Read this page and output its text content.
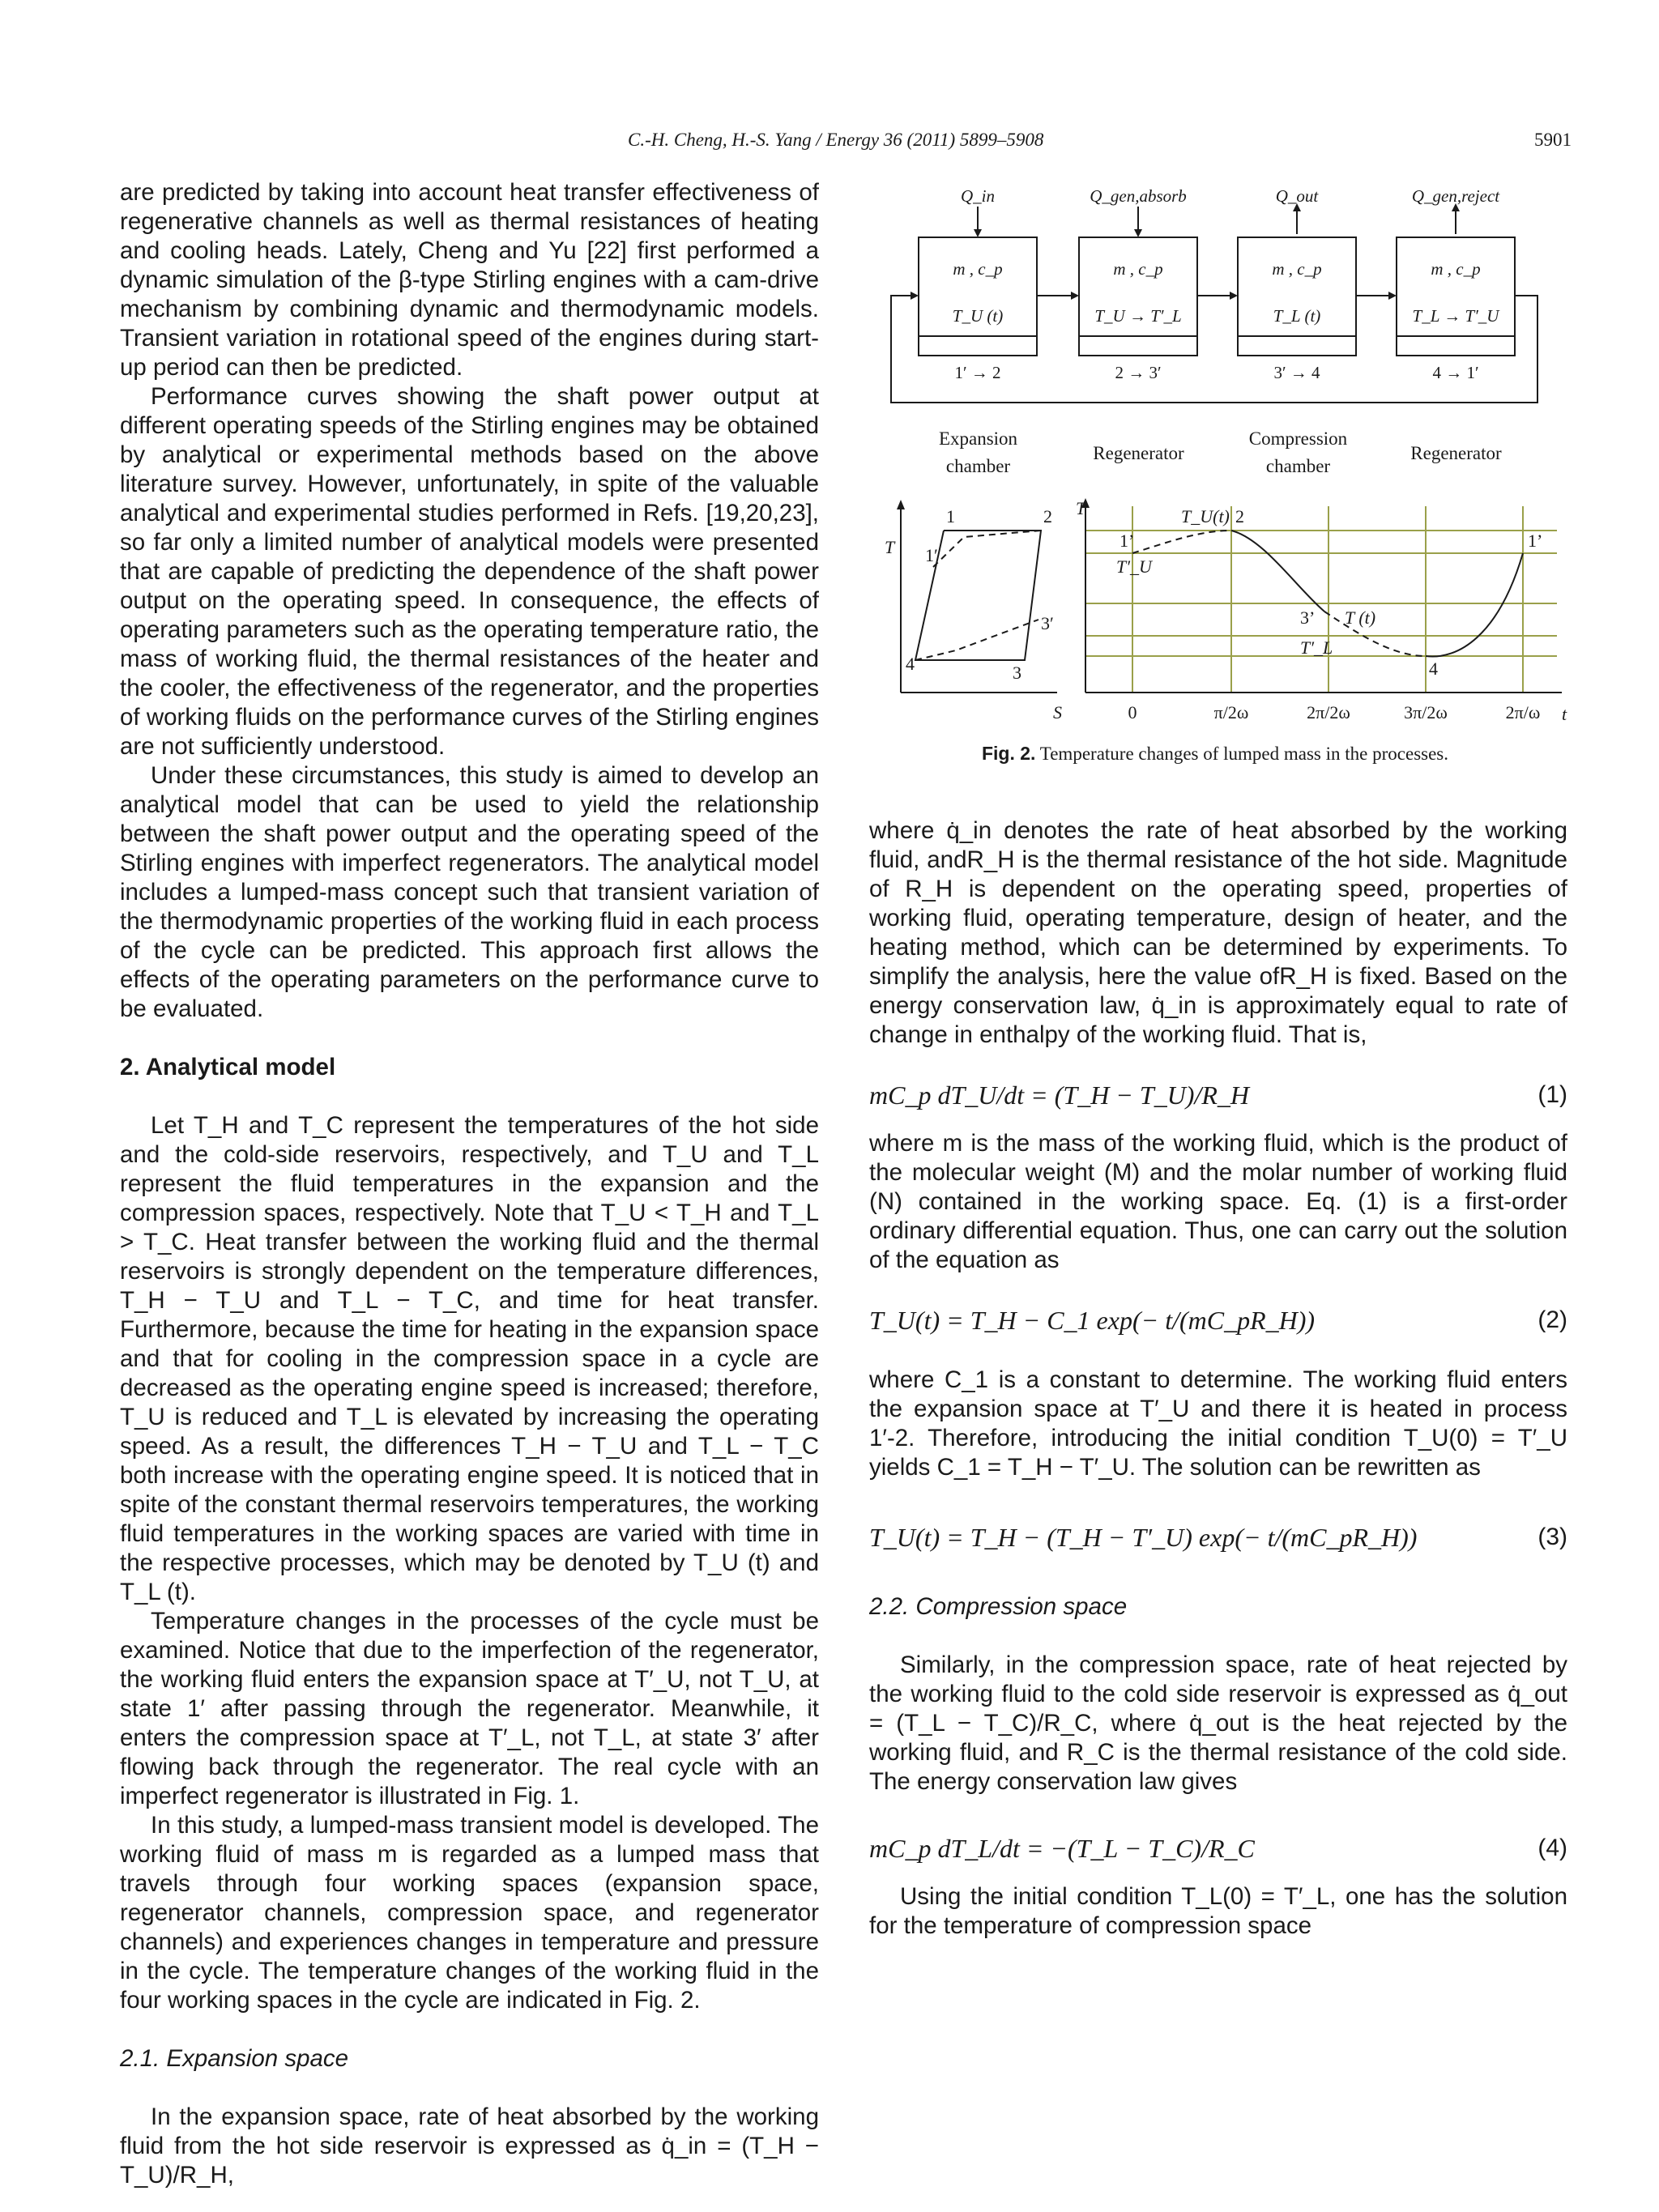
C.-H. Cheng, H.-S. Yang / Energy 36 (2011) 5899–5908	5901

are predicted by taking into account heat transfer effectiveness of regenerative channels as well as thermal resistances of heating and cooling heads. Lately, Cheng and Yu [22] first performed a dynamic simulation of the β-type Stirling engines with a cam-drive mechanism by combining dynamic and thermodynamic models. Transient variation in rotational speed of the engines during start-up period can then be predicted.

Performance curves showing the shaft power output at different operating speeds of the Stirling engines may be obtained by analytical or experimental methods based on the above literature survey. However, unfortunately, in spite of the valuable analytical and experimental studies performed in Refs. [19,20,23], so far only a limited number of analytical models were presented that are capable of predicting the dependence of the shaft power output on the operating speed. In consequence, the effects of operating parameters such as the operating temperature ratio, the mass of working fluid, the thermal resistances of the heater and the cooler, the effectiveness of the regenerator, and the properties of working fluids on the performance curves of the Stirling engines are not sufficiently understood.

Under these circumstances, this study is aimed to develop an analytical model that can be used to yield the relationship between the shaft power output and the operating speed of the Stirling engines with imperfect regenerators. The analytical model includes a lumped-mass concept such that transient variation of the thermodynamic properties of the working fluid in each process of the cycle can be predicted. This approach first allows the effects of the operating parameters on the performance curve to be evaluated.

2. Analytical model

Let T_H and T_C represent the temperatures of the hot side and the cold-side reservoirs, respectively, and T_U and T_L represent the fluid temperatures in the expansion and the compression spaces, respectively. Note that T_U < T_H and T_L > T_C. Heat transfer between the working fluid and the thermal reservoirs is strongly dependent on the temperature differences, T_H − T_U and T_L − T_C, and time for heat transfer. Furthermore, because the time for heating in the expansion space and that for cooling in the compression space in a cycle are decreased as the operating engine speed is increased; therefore, T_U is reduced and T_L is elevated by increasing the operating speed. As a result, the differences T_H − T_U and T_L − T_C both increase with the operating engine speed. It is noticed that in spite of the constant thermal reservoirs temperatures, the working fluid temperatures in the working spaces are varied with time in the respective processes, which may be denoted by T_U (t) and T_L (t).

Temperature changes in the processes of the cycle must be examined. Notice that due to the imperfection of the regenerator, the working fluid enters the expansion space at T′_U, not T_U, at state 1′ after passing through the regenerator. Meanwhile, it enters the compression space at T′_L, not T_L, at state 3′ after flowing back through the regenerator. The real cycle with an imperfect regenerator is illustrated in Fig. 1.

In this study, a lumped-mass transient model is developed. The working fluid of mass m is regarded as a lumped mass that travels through four working spaces (expansion space, regenerator channels, compression space, and regenerator channels) and experiences changes in temperature and pressure in the cycle. The temperature changes of the working fluid in the four working spaces in the cycle are indicated in Fig. 2.

2.1. Expansion space

In the expansion space, rate of heat absorbed by the working fluid from the hot side reservoir is expressed as q̇_in = (T_H − T_U)/R_H,

Q_in	Q_gen,absorb	Q_out	Q_gen,reject
m , c_p	m , c_p	m , c_p	m , c_p
T_U (t)	T_U → T′_L	T_L (t)	T_L → T′_U
1′ → 2	2 → 3′	3′ → 4	4 → 1′
Expansion chamber
Regenerator
Compression chamber
Regenerator
T
S
1	2
1′
3′
4	3
T
t
0	π/2ω	2π/2ω	3π/2ω	2π/ω
T_U(t) 2
1’
T′_U
3’ T (t)
T′_L
4
1’
Fig. 2. Temperature changes of lumped mass in the processes.

where q̇_in denotes the rate of heat absorbed by the working fluid, andR_H is the thermal resistance of the hot side. Magnitude of R_H is dependent on the operating speed, properties of working fluid, operating temperature, design of heater, and the heating method, which can be determined by experiments. To simplify the analysis, here the value ofR_H is fixed. Based on the energy conservation law, q̇_in is approximately equal to rate of change in enthalpy of the working fluid. That is,

mC_p dT_U/dt = (T_H − T_U)/R_H	(1)

where m is the mass of the working fluid, which is the product of the molecular weight (M) and the molar number of working fluid (N) contained in the working space. Eq. (1) is a first-order ordinary differential equation. Thus, one can carry out the solution of the equation as

T_U(t) = T_H − C_1 exp(− t/(mC_pR_H))	(2)

where C_1 is a constant to determine. The working fluid enters the expansion space at T′_U and there it is heated in process 1′-2. Therefore, introducing the initial condition T_U(0) = T′_U yields C_1 = T_H − T′_U. The solution can be rewritten as

T_U(t) = T_H − (T_H − T′_U) exp(− t/(mC_pR_H))	(3)
2.2. Compression space

Similarly, in the compression space, rate of heat rejected by the working fluid to the cold side reservoir is expressed as q̇_out = (T_L − T_C)/R_C, where q̇_out is the heat rejected by the working fluid, and R_C is the thermal resistance of the cold side. The energy conservation law gives

mC_p dT_L/dt = −(T_L − T_C)/R_C	(4)

Using the initial condition T_L(0) = T′_L, one has the solution for the temperature of compression space
